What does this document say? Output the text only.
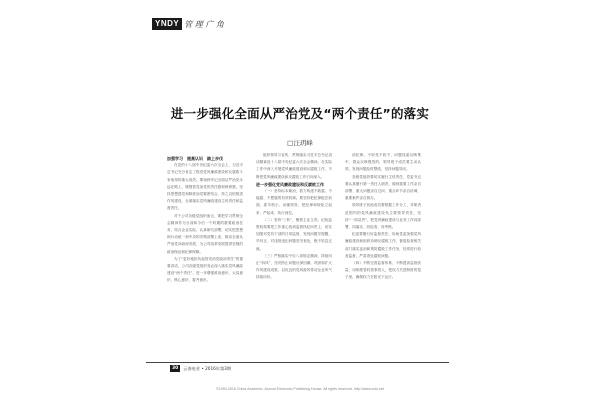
YNDY 管 理 广 角
进一步强化全面从严治党及“两个责任”的落实
□汪玥峰

加强学习　提高认识　踏上步伐

在党的十八届中央纪委六次全会上，习近平总书记充分肯定了推进党风廉政建设和反腐败斗争取得的重大成效。要始终牢记全面从严治党永远在路上，增强管党治党的责任感和使命感，坚持思想建党和制度治党紧密结合，持之以恒推进作风建设，全面落实党风廉政建设主体责任和监督责任。

对于公司各级党组织而言，要把学习贯彻全会精神作为当前和今后一个时期的重要政治任务，结合企业实际，认真研究部署，切实把思想和行动统一到中央的决策部署上来，推动全面从严治党向纵深发展，为公司改革发展提供坚强的政治保证和纪律保障。

为了“更好地担负起管党治党政治责任”的重要讲话，公司各级党组织务必深入落实党风廉政建设“两个责任”，进一步增强政治意识、大局意识、核心意识、看齐意识。

组织领导与宣传，贯彻落实习近平总书记讲话精神及十八届中央纪委六次全会精神，在实际工作中深入开展党风廉政建设和反腐败工作，不断把党风廉政建设和反腐败工作引向深入。

进一步强化党风廉政建设和反腐败工作

（一）坚持标本兼治，着力构建不敢腐、不能腐、不想腐的有效机制。要坚持把纪律挺在前面，抓早抓小，动辄则咎，把纪律和规矩立起来、严起来、执行到位。

（二）坚持“三转”，聚焦主业主责。纪检监察机构要把工作重心放到监督执纪问责上，切实加强对党员干部的日常监督，发现问题早提醒、早纠正，对违规违纪问题坚决查处，绝不姑息迁就。

（三）严格落实中央八项规定精神，持续纠正“四风”，坚决防止问题反弹回潮，巩固和扩大作风建设成果，以优良的党风政风带动企业风气持续向好。

治纪律，不收受不收不，问题线索反映集中，群众反映强烈的，领导班子成员要主动认领，发现问题及时整改，坚持问题导向。

各级党组织要切实履行主体责任，党委书记要认真履行第一责任人职责，做到重要工作亲自部署、重大问题亲自过问、重点环节亲自协调、重要案件亲自督办。

领导班子其他成员要根据工作分工，对职责范围内的党风廉政建设负主要领导责任，坚持“一岗双责”，把党风廉政建设与业务工作同部署、同落实、同检查、同考核。

纪委要履行好监督责任，协助党委加强党风廉政建设和组织协调反腐败工作，督促检查相关部门落实惩治和预防腐败工作任务，经常进行检查监督，严肃查处腐败问题。

（四）不断完善监督体系，不断提高监督质量，用制度管权管事管人，把权力关进制度的笼子里，确保权力在阳光下运行。

30	云南电业 • 2016年第3期
©1994-2016 China Academic Journal Electronic Publishing House. All rights reserved. http://www.cnki.net
